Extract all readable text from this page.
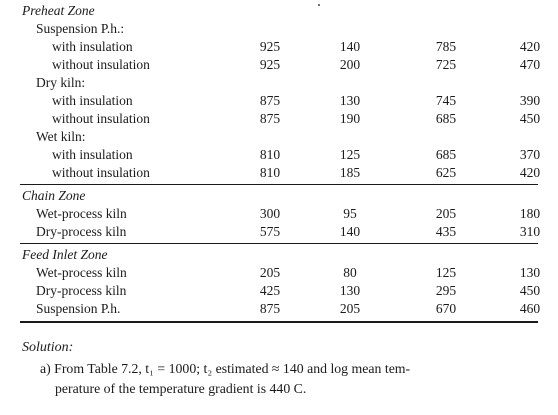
Preheat Zone
Suspension P.h.:
with insulation	925	140	785	420
without insulation	925	200	725	470
Dry kiln:
with insulation	875	130	745	390
without insulation	875	190	685	450
Wet kiln:
with insulation	810	125	685	370
without insulation	810	185	625	420
Chain Zone
Wet-process kiln	300	95	205	180
Dry-process kiln	575	140	435	310
Feed Inlet Zone
Wet-process kiln	205	80	125	130
Dry-process kiln	425	130	295	450
Suspension P.h.	875	205	670	460
Solution:
a) From Table 7.2, t₁ = 1000; t₂ estimated ≈ 140 and log mean tem-
perature of the temperature gradient is 440 C.
